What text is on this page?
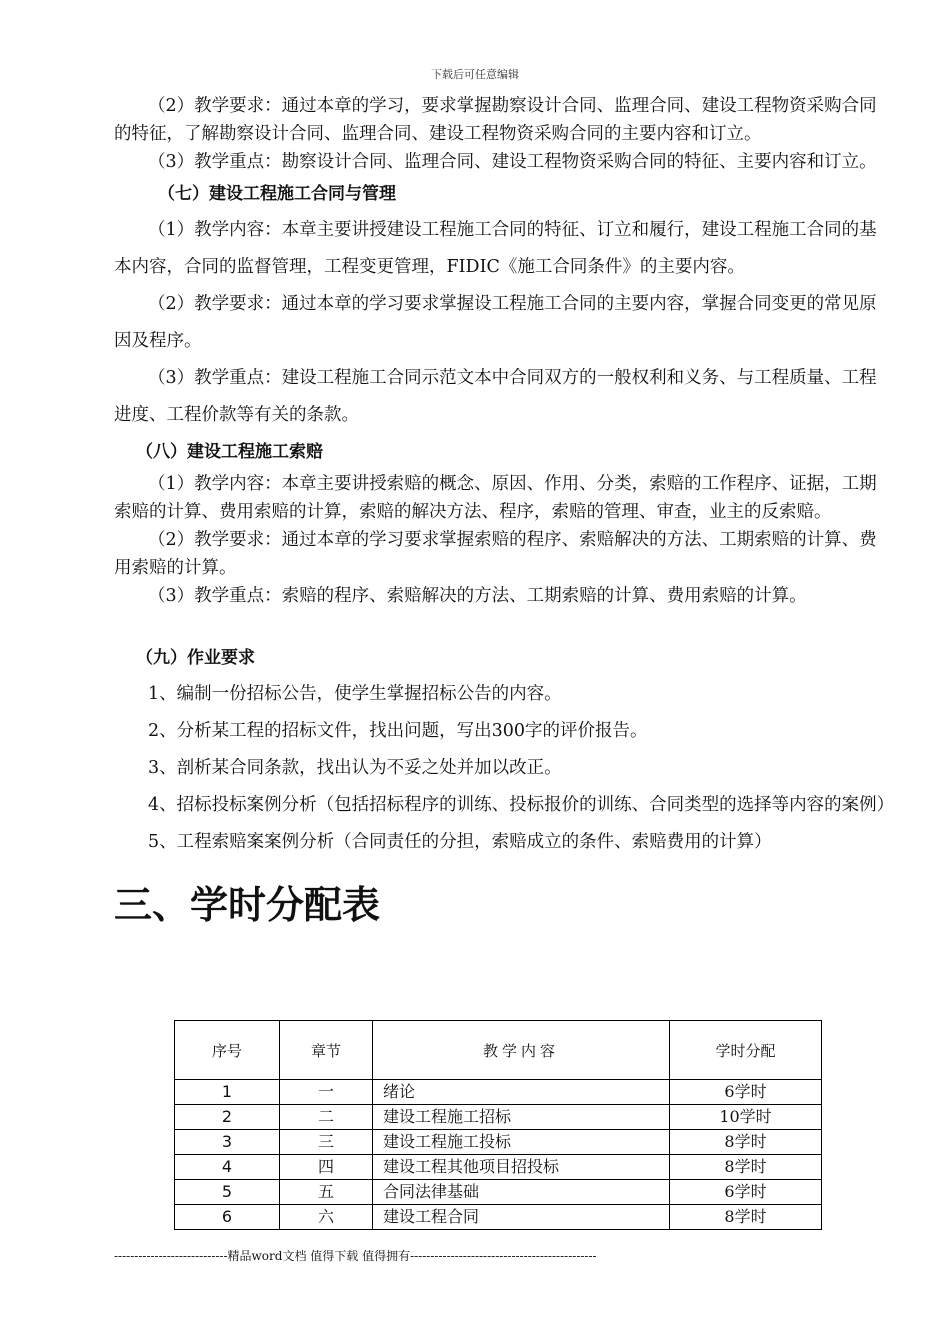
下载后可任意编辑
（2）教学要求：通过本章的学习，要求掌握勘察设计合同、监理合同、建设工程物资采购合同的特征，了解勘察设计合同、监理合同、建设工程物资采购合同的主要内容和订立。
（3）教学重点：勘察设计合同、监理合同、建设工程物资采购合同的特征、主要内容和订立。
（七）建设工程施工合同与管理
（1）教学内容：本章主要讲授建设工程施工合同的特征、订立和履行，建设工程施工合同的基本内容，合同的监督管理，工程变更管理，FIDIC《施工合同条件》的主要内容。
（2）教学要求：通过本章的学习要求掌握设工程施工合同的主要内容，掌握合同变更的常见原因及程序。
（3）教学重点：建设工程施工合同示范文本中合同双方的一般权利和义务、与工程质量、工程进度、工程价款等有关的条款。
（八）建设工程施工索赔
（1）教学内容：本章主要讲授索赔的概念、原因、作用、分类，索赔的工作程序、证据，工期索赔的计算、费用索赔的计算，索赔的解决方法、程序，索赔的管理、审查，业主的反索赔。
（2）教学要求：通过本章的学习要求掌握索赔的程序、索赔解决的方法、工期索赔的计算、费用索赔的计算。
（3）教学重点：索赔的程序、索赔解决的方法、工期索赔的计算、费用索赔的计算。
（九）作业要求
1、编制一份招标公告，使学生掌握招标公告的内容。
2、分析某工程的招标文件，找出问题，写出300字的评价报告。
3、剖析某合同条款，找出认为不妥之处并加以改正。
4、招标投标案例分析（包括招标程序的训练、投标报价的训练、合同类型的选择等内容的案例）
5、工程索赔案案例分析（合同责任的分担，索赔成立的条件、索赔费用的计算）
三、学时分配表
序号	章节	教学内容	学时分配
1	一	绪论	6学时
2	二	建设工程施工招标	10学时
3	三	建设工程施工投标	8学时
4	四	建设工程其他项目招投标	8学时
5	五	合同法律基础	6学时
6	六	建设工程合同	8学时
----------------------------精品word文档 值得下载 值得拥有----------------------------------------------
